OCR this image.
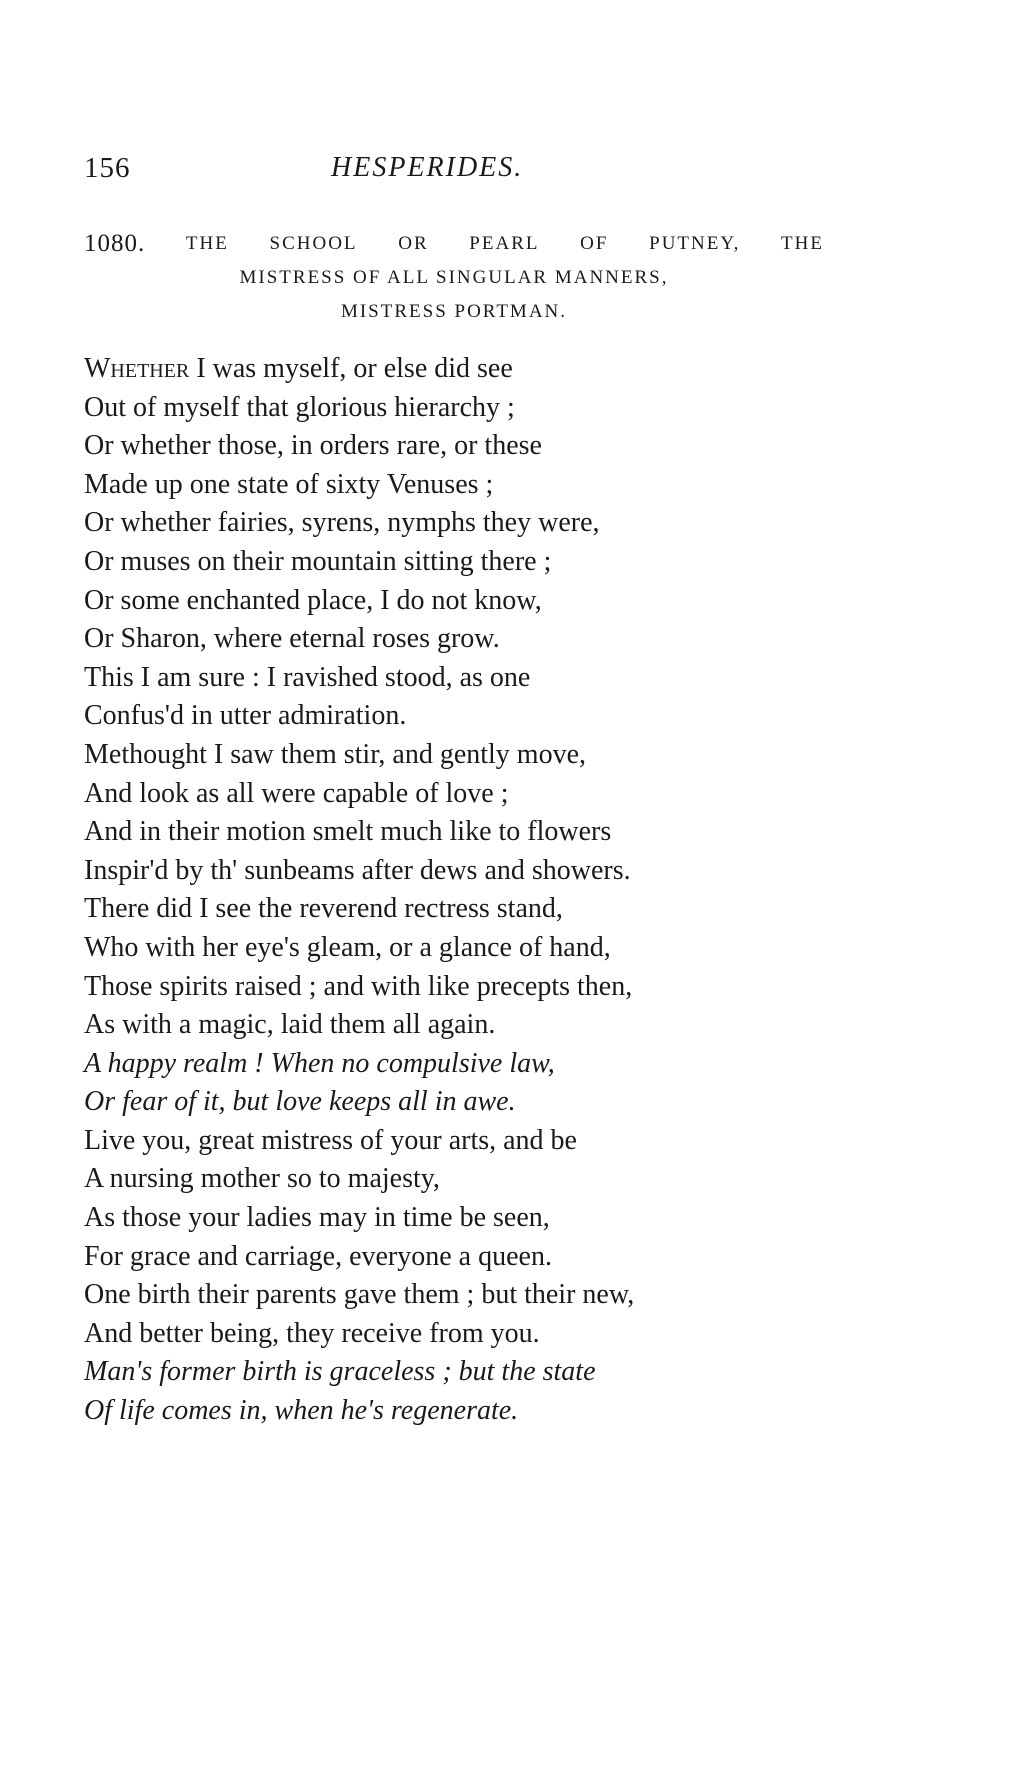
156	HESPERIDES.
1080. THE SCHOOL OR PEARL OF PUTNEY, THE
MISTRESS OF ALL SINGULAR MANNERS,
MISTRESS PORTMAN.
Whether I was myself, or else did see
Out of myself that glorious hierarchy ;
Or whether those, in orders rare, or these
Made up one state of sixty Venuses ;
Or whether fairies, syrens, nymphs they were,
Or muses on their mountain sitting there ;
Or some enchanted place, I do not know,
Or Sharon, where eternal roses grow.
This I am sure : I ravished stood, as one
Confus'd in utter admiration.
Methought I saw them stir, and gently move,
And look as all were capable of love ;
And in their motion smelt much like to flowers
Inspir'd by th' sunbeams after dews and showers.
There did I see the reverend rectress stand,
Who with her eye's gleam, or a glance of hand,
Those spirits raised ; and with like precepts then,
As with a magic, laid them all again.
A happy realm ! When no compulsive law,
Or fear of it, but love keeps all in awe.
Live you, great mistress of your arts, and be
A nursing mother so to majesty,
As those your ladies may in time be seen,
For grace and carriage, everyone a queen.
One birth their parents gave them ; but their new,
And better being, they receive from you.
Man's former birth is graceless ; but the state
Of life comes in, when he's regenerate.
